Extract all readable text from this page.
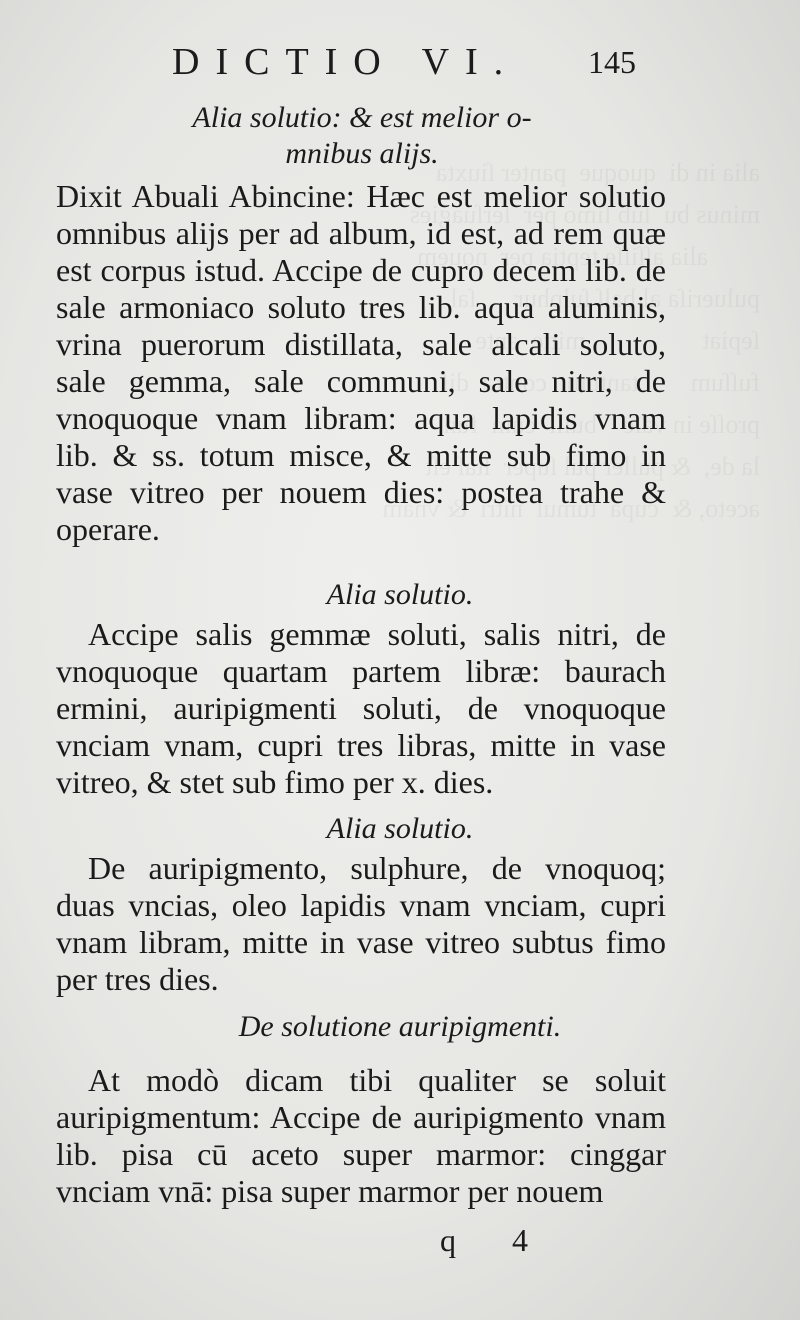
DICTIO VI. 145
Alia solutio: & est melior o- mnibus alijs.
Dixit Abuali Abincine: Hæc est melior solutio omnibus alijs per ad album, id est, ad rem quæ est corpus istud. Accipe de cupro decem lib. de sale armoniaco soluto tres lib. aqua aluminis, vrina puerorum distillata, sale alcali soluto, sale gemma, sale communi, sale nitri, de vnoquoque vnam libram: aqua lapidis vnam lib. & ss. totum misce, & mitte sub fimo in vase vitreo per nouem dies: postea trahe & operare.
Alia solutio.
Accipe salis gemmæ soluti, salis nitri, de vnoquoque quartam partem libræ: baurach ermini, auripigmenti soluti, de vnoquoque vnciam vnam, cupri tres libras, mitte in vase vitreo, & stet sub fimo per x. dies.
Alia solutio.
De auripigmento, sulphure, de vnoquoq; duas vncias, oleo lapidis vnam vnciam, cupri vnam libram, mitte in vase vitreo subtus fimo per tres dies.
De solutione auripigmenti.
At modò dicam tibi qualiter se soluit auripigmentum: Accipe de auripigmento vnam lib. pisa cū aceto super marmor: cinggar vnciam vnā: pisa super marmor per nouem
q 4
